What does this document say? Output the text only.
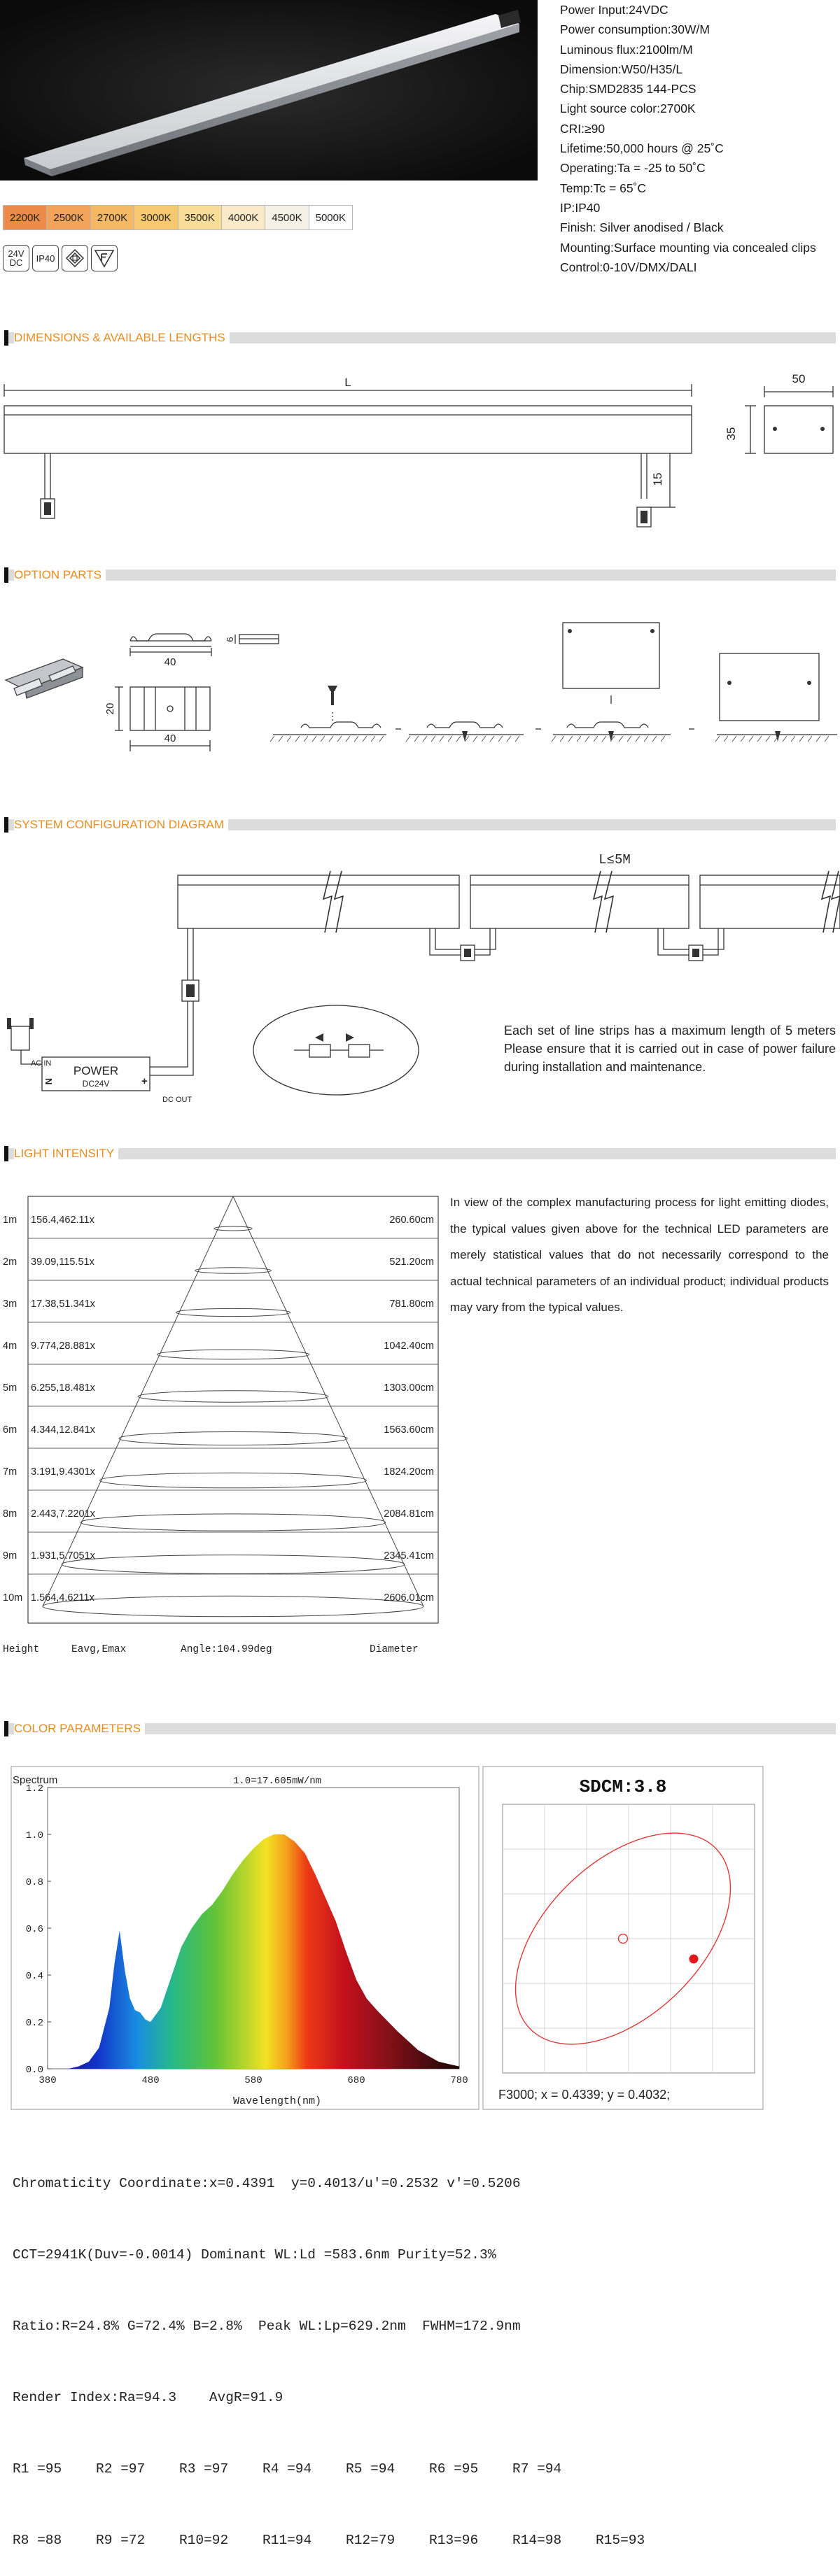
Power Input:24VDC
Power consumption:30W/M
Luminous flux:2100lm/M
Dimension:W50/H35/L
Chip:SMD2835 144-PCS
Light source color:2700K
CRI:≥90
Lifetime:50,000 hours @ 25˚C
Operating:Ta = -25 to 50˚C
Temp:Tc = 65˚C
IP:IP40
Finish: Silver anodised / Black
Mounting:Surface mounting via concealed clips
Control:0-10V/DMX/DALI
2200K	2500K	2700K	3000K	3500K	4000K	4500K	5000K
24V
DC	IP40
DIMENSIONS & AVAILABLE LENGTHS
L	50
35
15
OPTION PARTS
40
6
20
40
SYSTEM CONFIGURATION DIAGRAM
L≤5M
AC IN
POWER
DC24V
N	+
DC OUT
Each set of line strips has a maximum length of 5 meters Please ensure that it is carried out in case of power failure during installation and maintenance.
LIGHT INTENSITY
1m 156.4,462.11x	260.60cm
2m 39.09,115.51x	521.20cm
3m 17.38,51.341x	781.80cm
4m 9.774,28.881x	1042.40cm
5m 6.255,18.481x	1303.00cm
6m 4.344,12.841x	1563.60cm
7m 3.191,9.4301x	1824.20cm
8m 2.443,7.2201x	2084.81cm
9m 1.931,5.7051x	2345.41cm
10m 1.564,4.6211x	2606.01cm
Height	Eavg,Emax	Angle:104.99deg	Diameter
In view of the complex manufacturing process for light emitting diodes, the typical values given above for the technical LED parameters are merely statistical values that do not necessarily correspond to the actual technical parameters of an individual product; individual products may vary from the typical values.
COLOR PARAMETERS
Spectrum	1.0=17.605mW/nm
0.0
0.2
0.4
0.6
0.8
1.0
1.2
380	480	580	680	780
Wavelength(nm)
SDCM:3.8
F3000; x = 0.4339; y = 0.4032;

Chromaticity Coordinate:x=0.4391  y=0.4013/u'=0.2532 v'=0.5206

CCT=2941K(Duv=-0.0014) Dominant WL:Ld =583.6nm Purity=52.3%

Ratio:R=24.8% G=72.4% B=2.8%  Peak WL:Lp=629.2nm  FWHM=172.9nm

Render Index:Ra=94.3    AvgR=91.9

R1 =95	R2 =97	R3 =97	R4 =94	R5 =94	R6 =95	R7 =94

R8 =88	R9 =72	R10=92	R11=94	R12=79	R13=96	R14=98	R15=93
